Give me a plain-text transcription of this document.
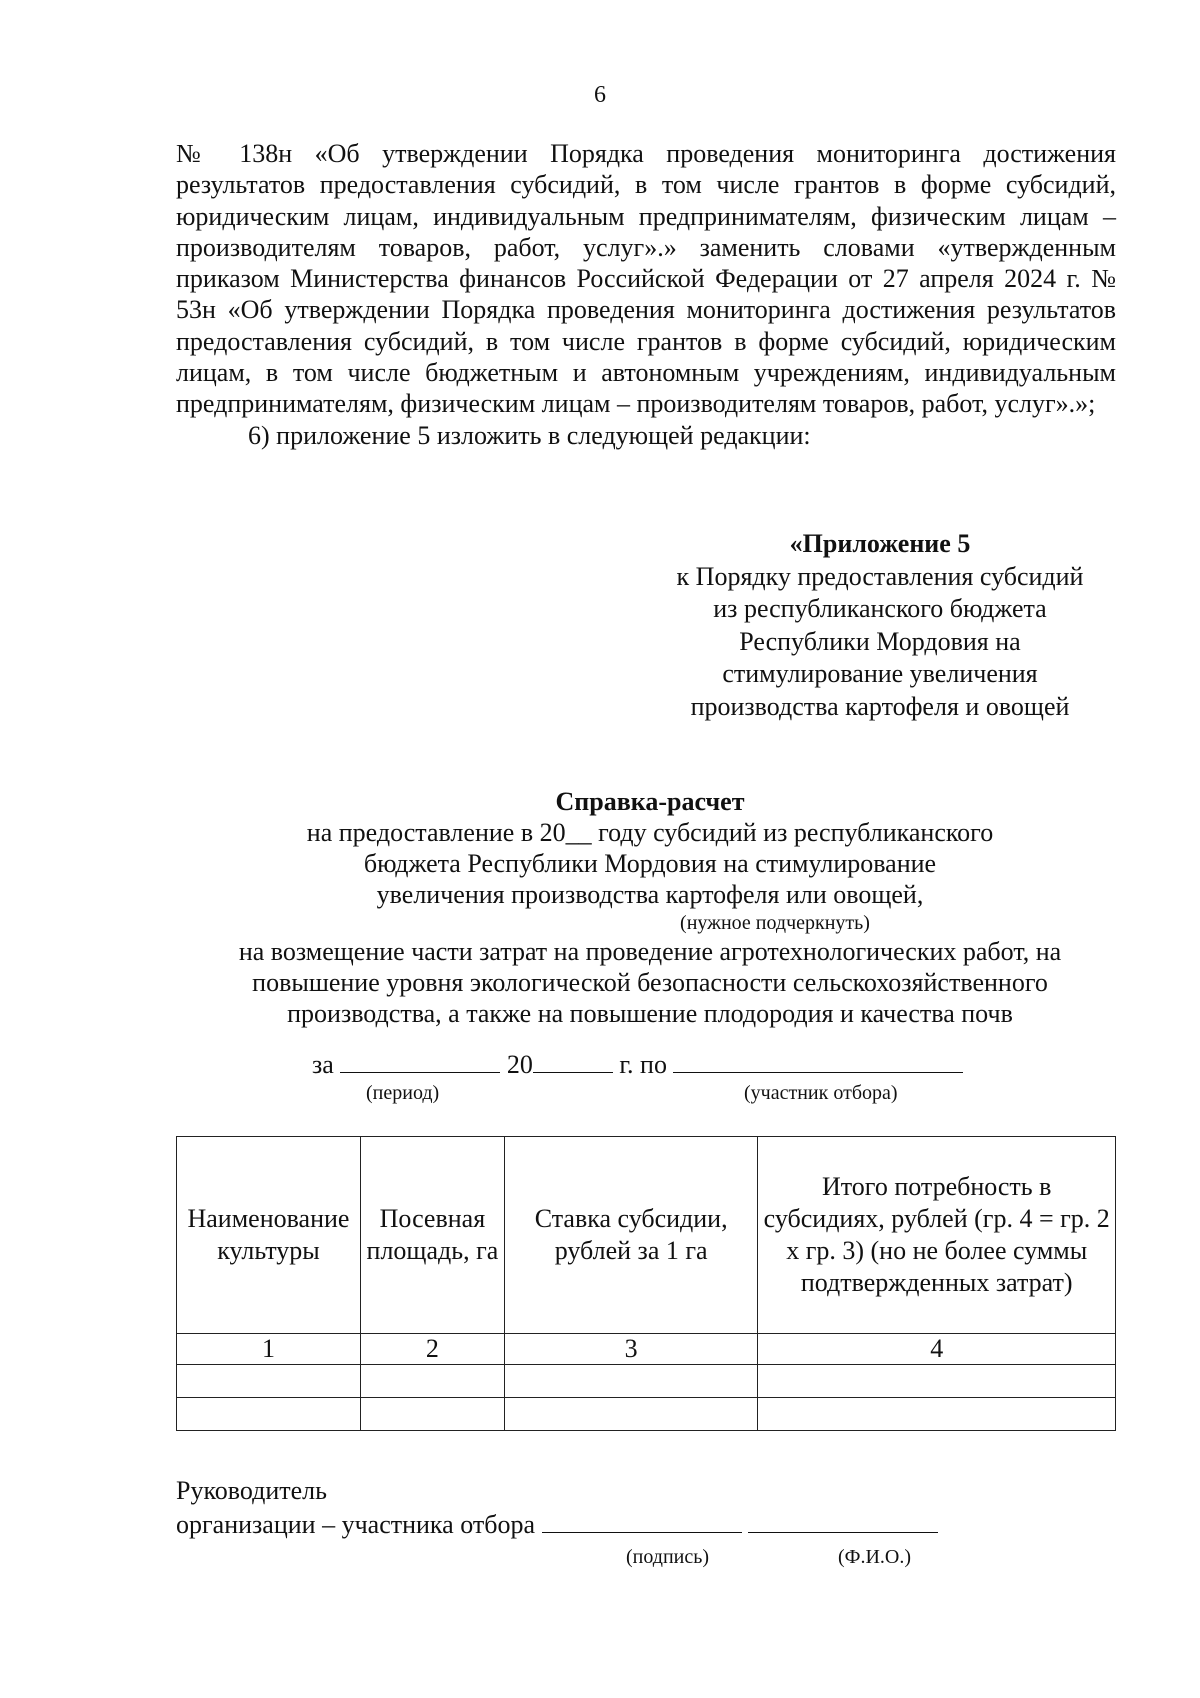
6

№ 138н «Об утверждении Порядка проведения мониторинга достижения результатов предоставления субсидий, в том числе грантов в форме субсидий, юридическим лицам, индивидуальным предпринимателям, физическим лицам – производителям товаров, работ, услуг».» заменить словами «утвержденным приказом Министерства финансов Российской Федерации от 27 апреля 2024 г. № 53н «Об утверждении Порядка проведения мониторинга достижения результатов предоставления субсидий, в том числе грантов в форме субсидий, юридическим лицам, в том числе бюджетным и автономным учреждениям, индивидуальным предпринимателям, физическим лицам – производителям товаров, работ, услуг».»;

6) приложение 5 изложить в следующей редакции:

«Приложение 5
к Порядку предоставления субсидий
из республиканского бюджета
Республики Мордовия на
стимулирование увеличения
производства картофеля и овощей
Справка-расчет
на предоставление в 20__ году субсидий из республиканского
бюджета Республики Мордовия на стимулирование
увеличения производства картофеля или овощей,
(нужное подчеркнуть)
на возмещение части затрат на проведение агротехнологических работ, на
повышение уровня экологической безопасности сельскохозяйственного
производства, а также на повышение плодородия и качества почв
за	20	г. по
(период)	(участник отбора)
Наименование культуры	Посевная площадь, га	Ставка субсидии, рублей за 1 га	Итого потребность в субсидиях, рублей (гр. 4 = гр. 2 х гр. 3) (но не более суммы подтвержденных затрат)
1	2	3	4

Руководитель
организации – участника отбора
(подпись)	(Ф.И.О.)
